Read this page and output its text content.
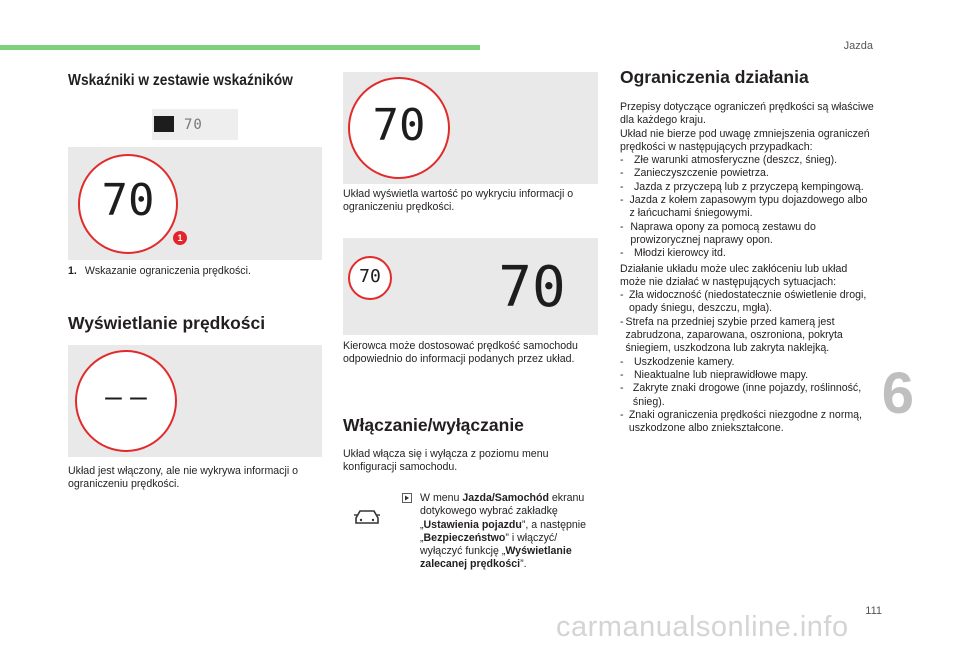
Jazda
6
111
carmanualsonline.info
Wskaźniki w zestawie wskaźników
70
70
1
1. Wskazanie ograniczenia prędkości.
Wyświetlanie prędkości
– –
Układ jest włączony, ale nie wykrywa informacji o ograniczeniu prędkości.
70
Układ wyświetla wartość po wykryciu informacji o ograniczeniu prędkości.
70 70
Kierowca może dostosować prędkość samochodu odpowiednio do informacji podanych przez układ.
Włączanie/wyłączanie
Układ włącza się i wyłącza z poziomu menu konfiguracji samochodu.
W menu Jazda/Samochód ekranu dotykowego wybrać zakładkę „Ustawienia pojazdu”, a następnie „Bezpieczeństwo” i włączyć/ wyłączyć funkcję „Wyświetlanie zalecanej prędkości”.
Ograniczenia działania
Przepisy dotyczące ograniczeń prędkości są właściwe dla każdego kraju.
Układ nie bierze pod uwagę zmniejszenia ograniczeń prędkości w następujących przypadkach:
- Złe warunki atmosferyczne (deszcz, śnieg).
- Zanieczyszczenie powietrza.
- Jazda z przyczepą lub z przyczepą kempingową.
- Jazda z kołem zapasowym typu dojazdowego albo z łańcuchami śniegowymi.
- Naprawa opony za pomocą zestawu do prowizorycznej naprawy opon.
- Młodzi kierowcy itd.
Działanie układu może ulec zakłóceniu lub układ może nie działać w następujących sytuacjach:
- Zła widoczność (niedostatecznie oświetlenie drogi, opady śniegu, deszczu, mgła).
- Strefa na przedniej szybie przed kamerą jest zabrudzona, zaparowana, oszroniona, pokryta śniegiem, uszkodzona lub zakryta naklejką.
- Uszkodzenie kamery.
- Nieaktualne lub nieprawidłowe mapy.
- Zakryte znaki drogowe (inne pojazdy, roślinność, śnieg).
- Znaki ograniczenia prędkości niezgodne z normą, uszkodzone albo zniekształcone.
